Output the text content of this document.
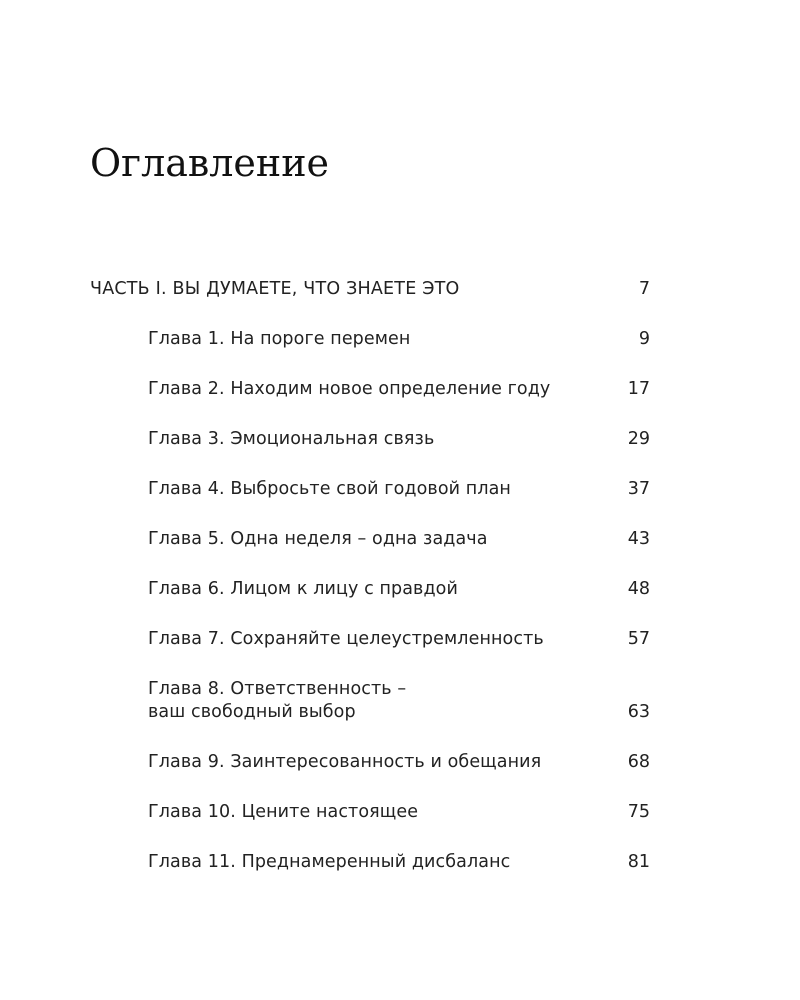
Оглавление
ЧАСТЬ I. ВЫ ДУМАЕТЕ, ЧТО ЗНАЕТЕ ЭТО	7
Глава 1. На пороге перемен	9
Глава 2. Находим новое определение году	17
Глава 3. Эмоциональная связь	29
Глава 4. Выбросьте свой годовой план	37
Глава 5. Одна неделя – одна задача	43
Глава 6. Лицом к лицу с правдой	48
Глава 7. Сохраняйте целеустремленность	57
Глава 8. Ответственность –
ваш свободный выбор	63
Глава 9. Заинтересованность и обещания	68
Глава 10. Цените настоящее	75
Глава 11. Преднамеренный дисбаланс	81
